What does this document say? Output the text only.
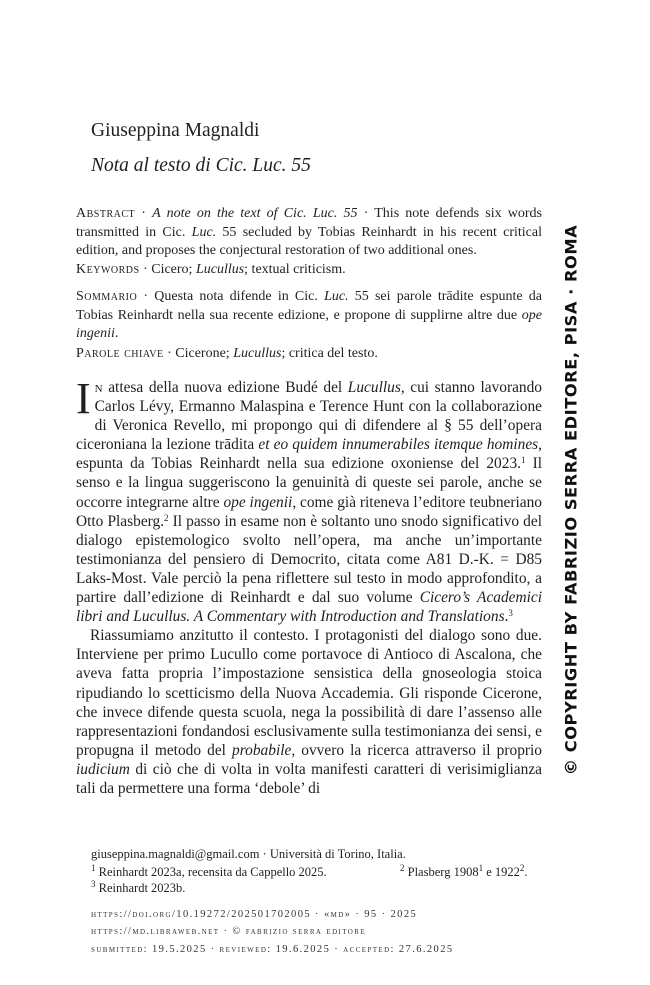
Giuseppina Magnaldi
Nota al testo di Cic. Luc. 55
Abstract · A note on the text of Cic. Luc. 55 · This note defends six words transmitted in Cic. Luc. 55 secluded by Tobias Reinhardt in his recent critical edition, and proposes the conjectural restoration of two additional ones.
Keywords · Cicero; Lucullus; textual criticism.
Sommario · Questa nota difende in Cic. Luc. 55 sei parole trādite espunte da Tobias Reinhardt nella sua recente edizione, e propone di supplirne altre due ope ingenii.
Parole chiave · Cicerone; Lucullus; critica del testo.

In attesa della nuova edizione Budé del Lucullus, cui stanno lavorando Carlos Lévy, Ermanno Malaspina e Terence Hunt con la collaborazione di Veronica Revello, mi propongo qui di difendere al § 55 dell’opera ciceroniana la lezione trādita et eo quidem innumerabiles itemque homines, espunta da Tobias Reinhardt nella sua edizione oxoniense del 2023.$^1$ Il senso e la lingua suggeriscono la genuinità di queste sei parole, anche se occorre integrarne altre ope ingenii, come già riteneva l’editore teubneriano Otto Plasberg.$^2$ Il passo in esame non è soltanto uno snodo significativo del dialogo epistemologico svolto nell’opera, ma anche un’importante testimonianza del pensiero di Democrito, citata come A81 D.-K. = D85 Laks-Most. Vale perciò la pena riflettere sul testo in modo approfondito, a partire dall’edizione di Reinhardt e dal suo volume Cicero’s Academici libri and Lucullus. A Commentary with Introduction and Translations.$^3$

Riassumiamo anzitutto il contesto. I protagonisti del dialogo sono due. Interviene per primo Lucullo come portavoce di Antioco di Ascalona, che aveva fatta propria l’impostazione sensistica della gnoseologia stoica ripudiando lo scetticismo della Nuova Accademia. Gli risponde Cicerone, che invece difende questa scuola, nega la possibilità di dare l’assenso alle rappresentazioni fondandosi esclusivamente sulla testimonianza dei sensi, e propugna il metodo del probabile, ovvero la ricerca attraverso il proprio iudicium di ciò che di volta in volta manifesti caratteri di verisimiglianza tali da permettere una forma ‘debole’ di

giuseppina.magnaldi@gmail.com · Università di Torino, Italia.
$^1$ Reinhardt 2023a, recensita da Cappello 2025.	$^2$ Plasberg 1908$^1$ e 1922$^2$.
$^3$ Reinhardt 2023b.
https://doi.org/10.19272/202501702005 · «md» · 95 · 2025
https://md.libraweb.net · © fabrizio serra editore
submitted: 19.5.2025 · reviewed: 19.6.2025 · accepted: 27.6.2025
© COPYRIGHT BY FABRIZIO SERRA EDITORE, PISA · ROMA
